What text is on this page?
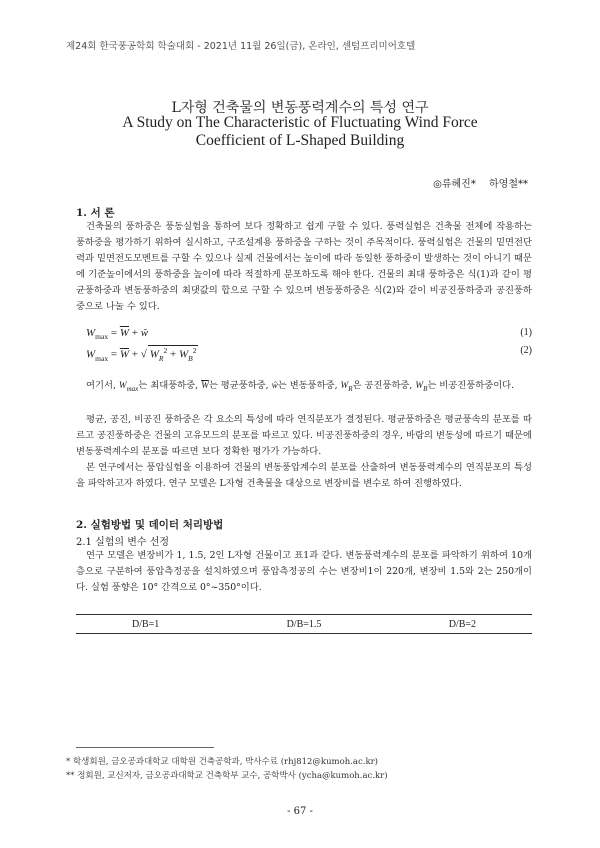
제24회 한국풍공학회 학술대회 - 2021년 11월 26일(금), 온라인, 센텀프리미어호텔
L자형 건축물의 변동풍력계수의 특성 연구
A Study on The Characteristic of Fluctuating Wind Force
Coefficient of L-Shaped Building
◎류혜진* 하영철**
1. 서 론
건축물의 풍하중은 풍동실험을 통하여 보다 정확하고 쉽게 구할 수 있다. 풍력실험은 건축물 전체에 작용하는 풍하중을 평가하기 위하여 실시하고, 구조설계용 풍하중을 구하는 것이 주목적이다. 풍력실험은 건물의 밑면전단력과 밑면전도모멘트를 구할 수 있으나 실제 건물에서는 높이에 따라 동일한 풍하중이 발생하는 것이 아니기 때문에 기준높이에서의 풍하중을 높이에 따라 적절하게 분포하도록 해야 한다. 건물의 최대 풍하중은 식(1)과 같이 평균풍하중과 변동풍하중의 최댓값의 합으로 구할 수 있으며 변동풍하중은 식(2)와 같이 비공진풍하중과 공진풍하중으로 나눌 수 있다.
$W_{max} = \overline{W}$ + ŵ	(1)
$W_{max} = \overline{W}$ + √ $W_R^2 + W_B^2$	(2)
여기서, $W_{max}$는 최대풍하중, $\overline{W}$는 평균풍하중, ŵ는 변동풍하중, $W_R$은 공진풍하중, $W_B$는 비공진풍하중이다.
평균, 공진, 비공진 풍하중은 각 요소의 특성에 따라 연직분포가 결정된다. 평균풍하중은 평균풍속의 분포를 따르고 공진풍하중은 건물의 고유모드의 분포를 따르고 있다. 비공진풍하중의 경우, 바람의 변동성에 따르기 때문에 변동풍력계수의 분포를 따르면 보다 정확한 평가가 가능하다.
본 연구에서는 풍압실험을 이용하여 건물의 변동풍압계수의 분포를 산출하여 변동풍력계수의 연직분포의 특성을 파악하고자 하였다. 연구 모델은 L자형 건축물을 대상으로 변장비를 변수로 하여 진행하였다.
2. 실험방법 및 데이터 처리방법
2.1 실험의 변수 선정
연구 모델은 변장비가 1, 1.5, 2인 L자형 건물이고 표1과 같다. 변동풍력계수의 분포를 파악하기 위하여 10개 층으로 구분하여 풍압측정공을 설치하였으며 풍압측정공의 수는 변장비1이 220개, 변장비 1.5와 2는 250개이다. 실험 풍향은 10° 간격으로 0°~350°이다.
D/B=1	D/B=1.5	D/B=2
* 학생회원, 금오공과대학교 대학원 건축공학과, 박사수료 (rhj812@kumoh.ac.kr)
** 정회원, 교신저자, 금오공과대학교 건축학부 교수, 공학박사 (ycha@kumoh.ac.kr)
- 67 -
